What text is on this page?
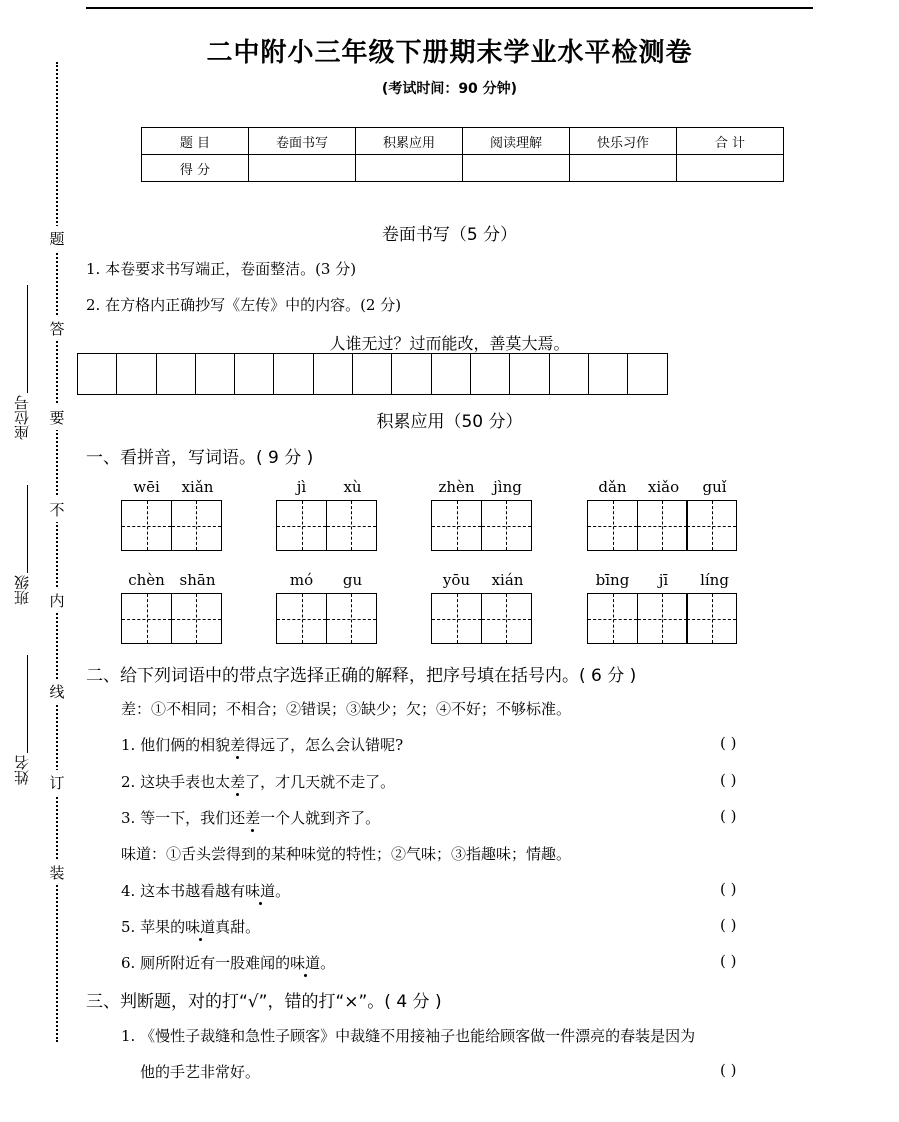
二中附小三年级下册期末学业水平检测卷
(考试时间：90 分钟)
题 目	卷面书写	积累应用	阅读理解	快乐习作	合 计
得 分					
题
答
要
不
内
线
订
装
座位号
班级
姓名
卷面书写（5 分）
1. 本卷要求书写端正，卷面整洁。(3 分)
2. 在方格内正确抄写《左传》中的内容。(2 分)
人谁无过？过而能改，善莫大焉。
积累应用（50 分）
一、看拼音，写词语。( 9 分 )
wēi	xiǎn	jì	xù	zhèn	jìng	dǎn	xiǎo	guǐ
chèn shān	mó	gu	yōu	xián	bīng	jī	líng
二、给下列词语中的带点字选择正确的解释，把序号填在括号内。( 6 分 )
差：①不相同；不相合；②错误；③缺少；欠；④不好；不够标准。
1. 他们俩的相貌差得远了，怎么会认错呢?	( )
2. 这块手表也太差了，才几天就不走了。	( )
3. 等一下，我们还差一个人就到齐了。	( )
味道：①舌头尝得到的某种味觉的特性；②气味；③指趣味；情趣。
4. 这本书越看越有味道。	( )
5. 苹果的味道真甜。	( )
6. 厕所附近有一股难闻的味道。	( )
三、判断题，对的打“√”，错的打“×”。( 4 分 )
1. 《慢性子裁缝和急性子顾客》中裁缝不用接袖子也能给顾客做一件漂亮的春装是因为
他的手艺非常好。	( )
